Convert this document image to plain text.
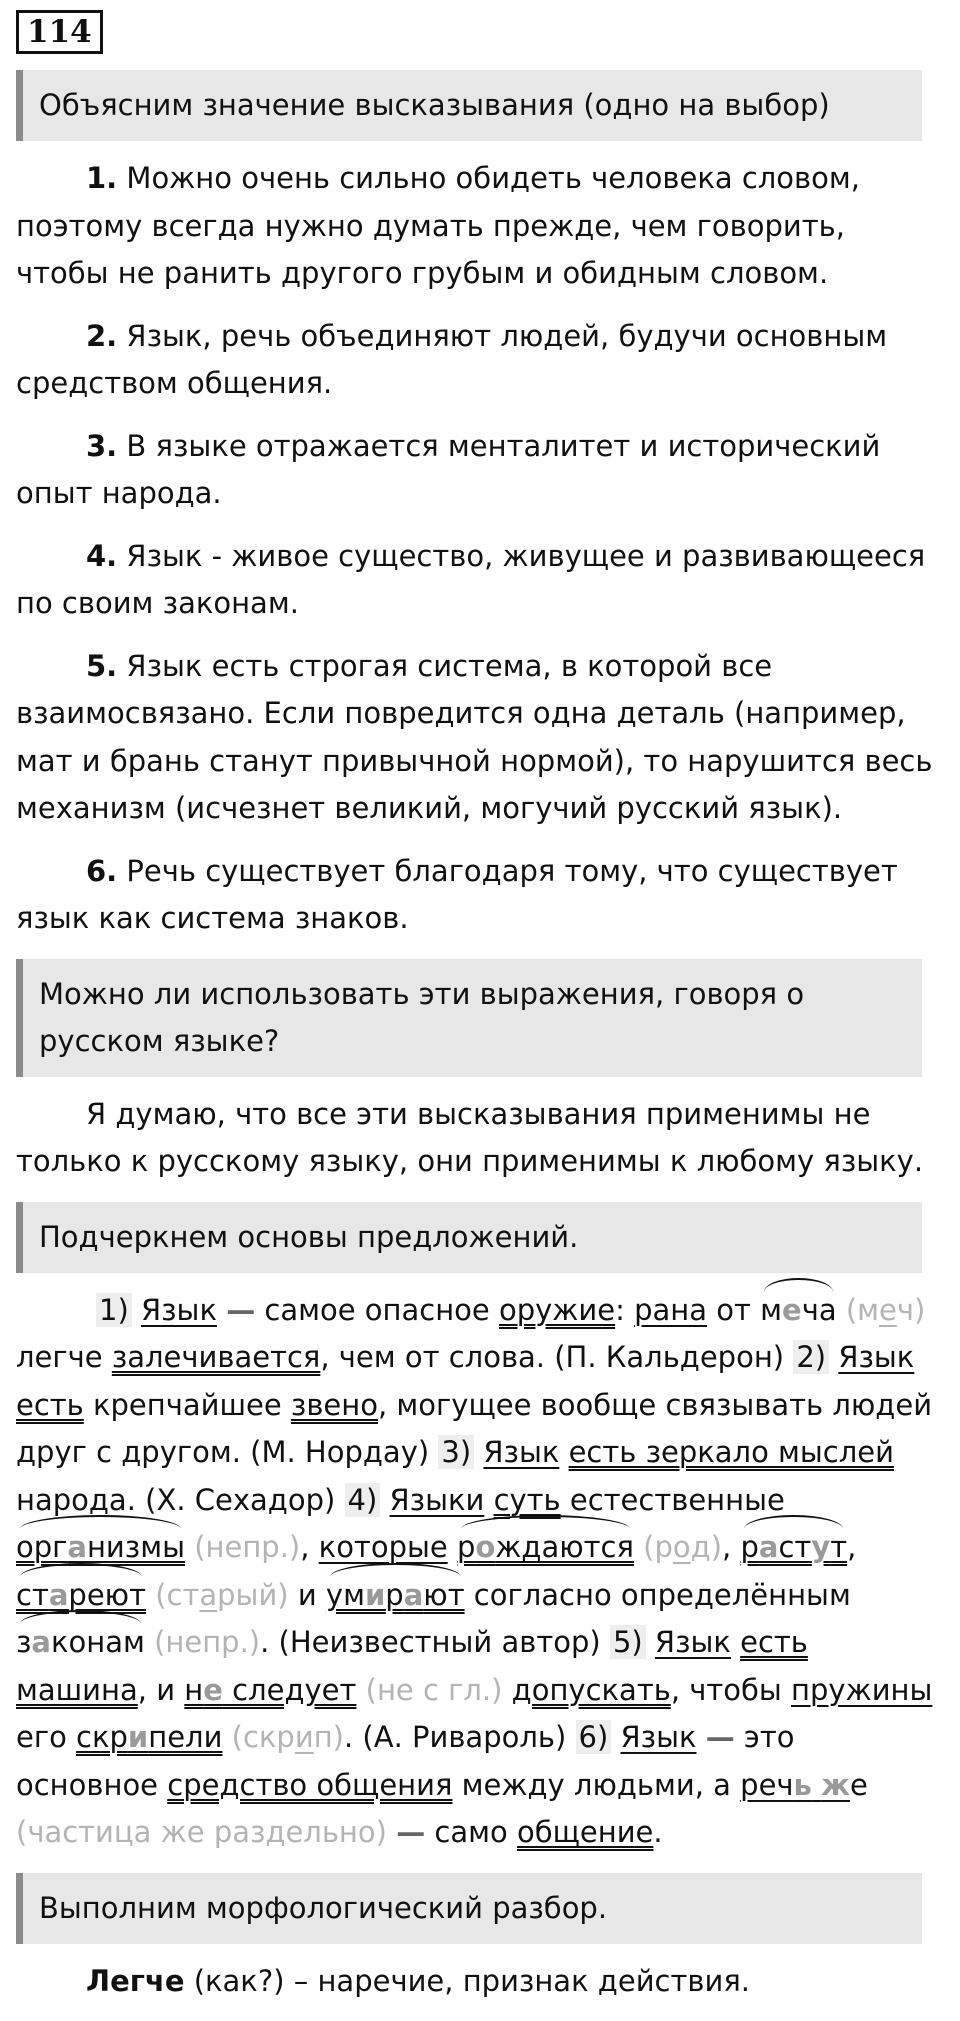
114
Объясним значение высказывания (одно на выбор)

1. Можно очень сильно обидеть человека словом, поэтому всегда нужно думать прежде, чем говорить, чтобы не ранить другого грубым и обидным словом.

2. Язык, речь объединяют людей, будучи основным средством общения.

3. В языке отражается менталитет и исторический опыт народа.

4. Язык - живое существо, живущее и развивающееся по своим законам.

5. Язык есть строгая система, в которой все взаимосвязано. Если повредится одна деталь (например, мат и брань станут привычной нормой), то нарушится весь механизм (исчезнет великий, могучий русский язык).

6. Речь существует благодаря тому, что существует язык как система знаков.

Можно ли использовать эти выражения, говоря о русском языке?

Я думаю, что все эти высказывания применимы не только к русскому языку, они применимы к любому языку.

Подчеркнем основы предложений.

1) Язык — самое опасное оружие: рана от меча (меч) легче залечивается, чем от слова. (П. Кальдерон) 2) Язык есть крепчайшее звено, могущее вообще связывать людей друг с другом. (М. Нордау) 3) Язык есть зеркало мыслей народа. (Х. Сехадор) 4) Языки суть естественные организмы (непр.), которые рождаются (род), растут, стареют (старый) и умирают согласно определённым законам (непр.). (Неизвестный автор) 5) Язык есть машина, и не следует (не с гл.) допускать, чтобы пружины его скрипели (скрип). (А. Ривароль) 6) Язык — это основное средство общения между людьми, а речь же (частица же раздельно) — само общение.

Выполним морфологический разбор.

Легче (как?) – наречие, признак действия.
